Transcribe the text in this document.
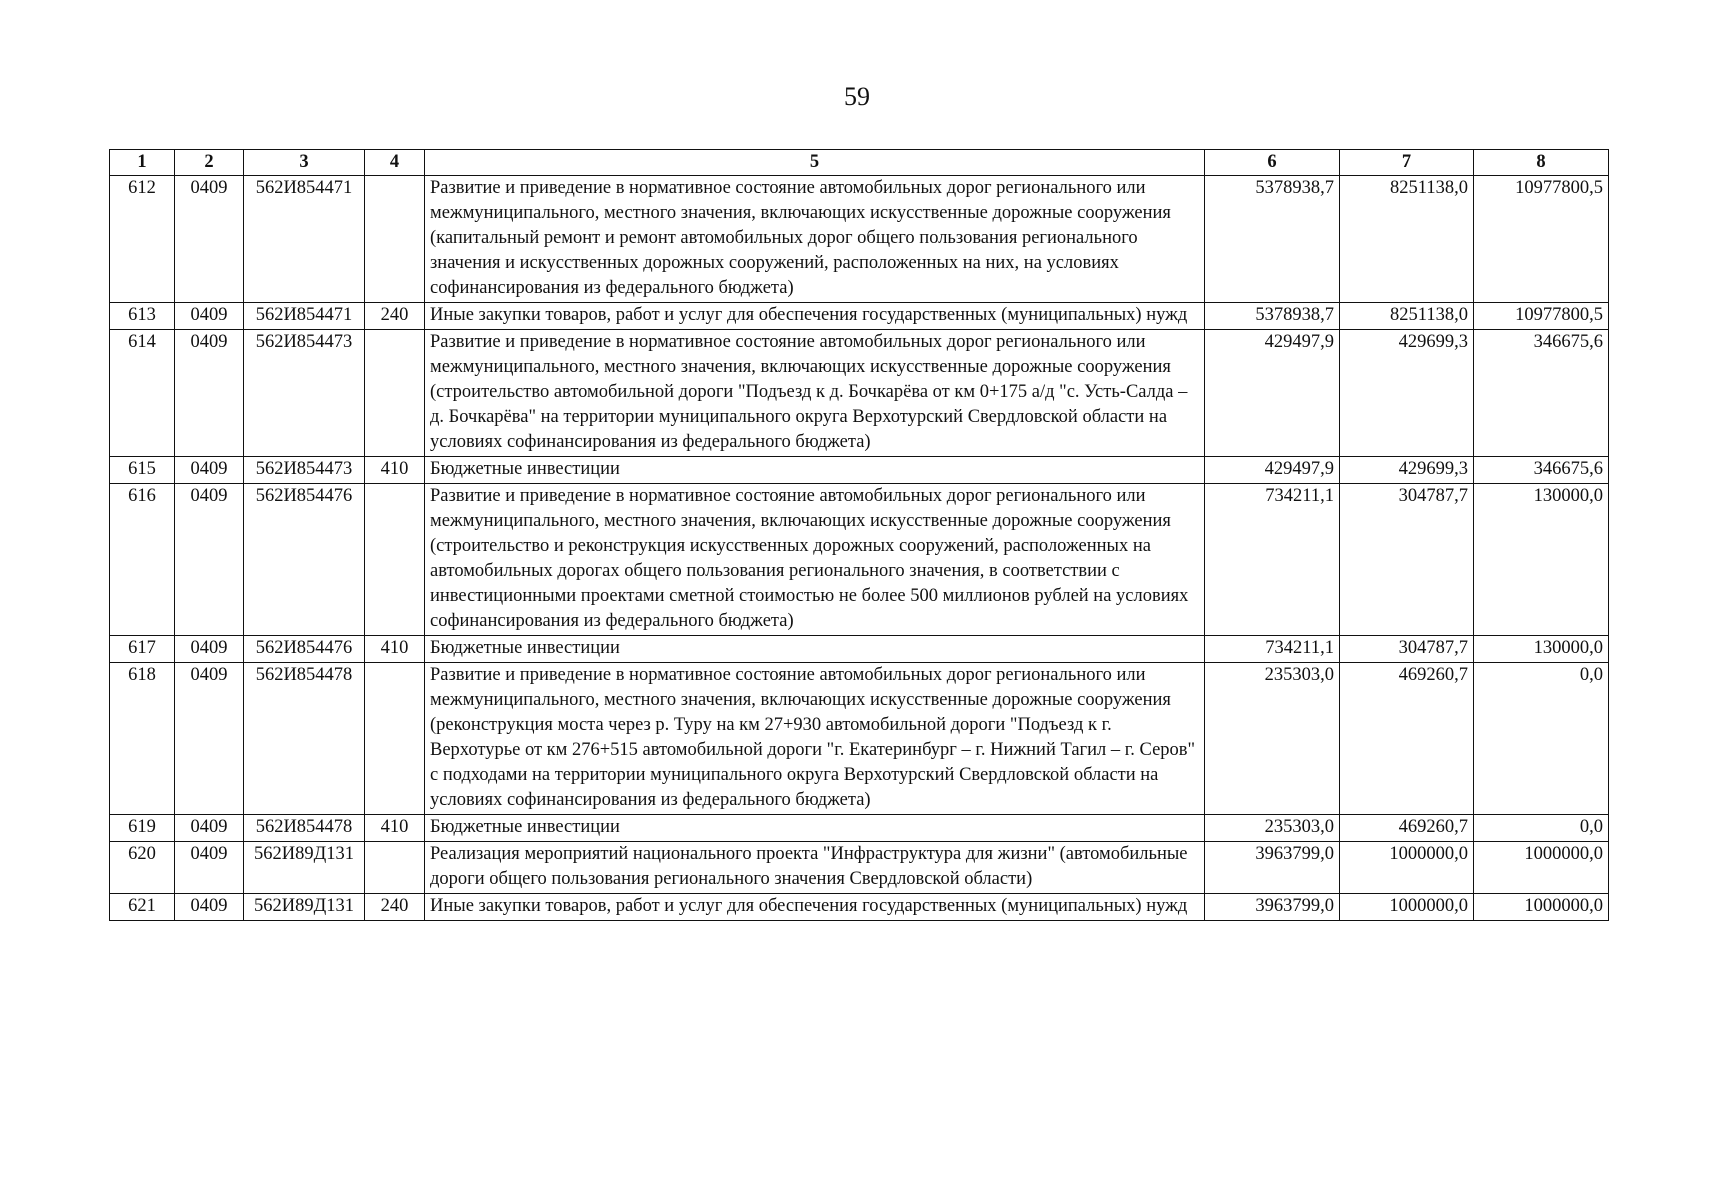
59
1	2	3	4	5	6	7	8
612	0409	562И854471		Развитие и приведение в нормативное состояние автомобильных дорог регионального или межмуниципального, местного значения, включающих искусственные дорожные сооружения (капитальный ремонт и ремонт автомобильных дорог общего пользования регионального значения и искусственных дорожных сооружений, расположенных на них, на условиях софинансирования из федерального бюджета)	5378938,7	8251138,0	10977800,5
613	0409	562И854471	240	Иные закупки товаров, работ и услуг для обеспечения государственных (муниципальных) нужд	5378938,7	8251138,0	10977800,5
614	0409	562И854473		Развитие и приведение в нормативное состояние автомобильных дорог регионального или межмуниципального, местного значения, включающих искусственные дорожные сооружения (строительство автомобильной дороги "Подъезд к д. Бочкарёва от км 0+175 а/д "с. Усть-Салда – д. Бочкарёва" на территории муниципального округа Верхотурский Свердловской области на условиях софинансирования из федерального бюджета)	429497,9	429699,3	346675,6
615	0409	562И854473	410	Бюджетные инвестиции	429497,9	429699,3	346675,6
616	0409	562И854476		Развитие и приведение в нормативное состояние автомобильных дорог регионального или межмуниципального, местного значения, включающих искусственные дорожные сооружения (строительство и реконструкция искусственных дорожных сооружений, расположенных на автомобильных дорогах общего пользования регионального значения, в соответствии с инвестиционными проектами сметной стоимостью не более 500 миллионов рублей на условиях софинансирования из федерального бюджета)	734211,1	304787,7	130000,0
617	0409	562И854476	410	Бюджетные инвестиции	734211,1	304787,7	130000,0
618	0409	562И854478		Развитие и приведение в нормативное состояние автомобильных дорог регионального или межмуниципального, местного значения, включающих искусственные дорожные сооружения (реконструкция моста через р. Туру на км 27+930 автомобильной дороги "Подъезд к г. Верхотурье от км 276+515 автомобильной дороги "г. Екатеринбург – г. Нижний Тагил – г. Серов" с подходами на территории муниципального округа Верхотурский Свердловской области на условиях софинансирования из федерального бюджета)	235303,0	469260,7	0,0
619	0409	562И854478	410	Бюджетные инвестиции	235303,0	469260,7	0,0
620	0409	562И89Д131		Реализация мероприятий национального проекта "Инфраструктура для жизни" (автомобильные дороги общего пользования регионального значения Свердловской области)	3963799,0	1000000,0	1000000,0
621	0409	562И89Д131	240	Иные закупки товаров, работ и услуг для обеспечения государственных (муниципальных) нужд	3963799,0	1000000,0	1000000,0
